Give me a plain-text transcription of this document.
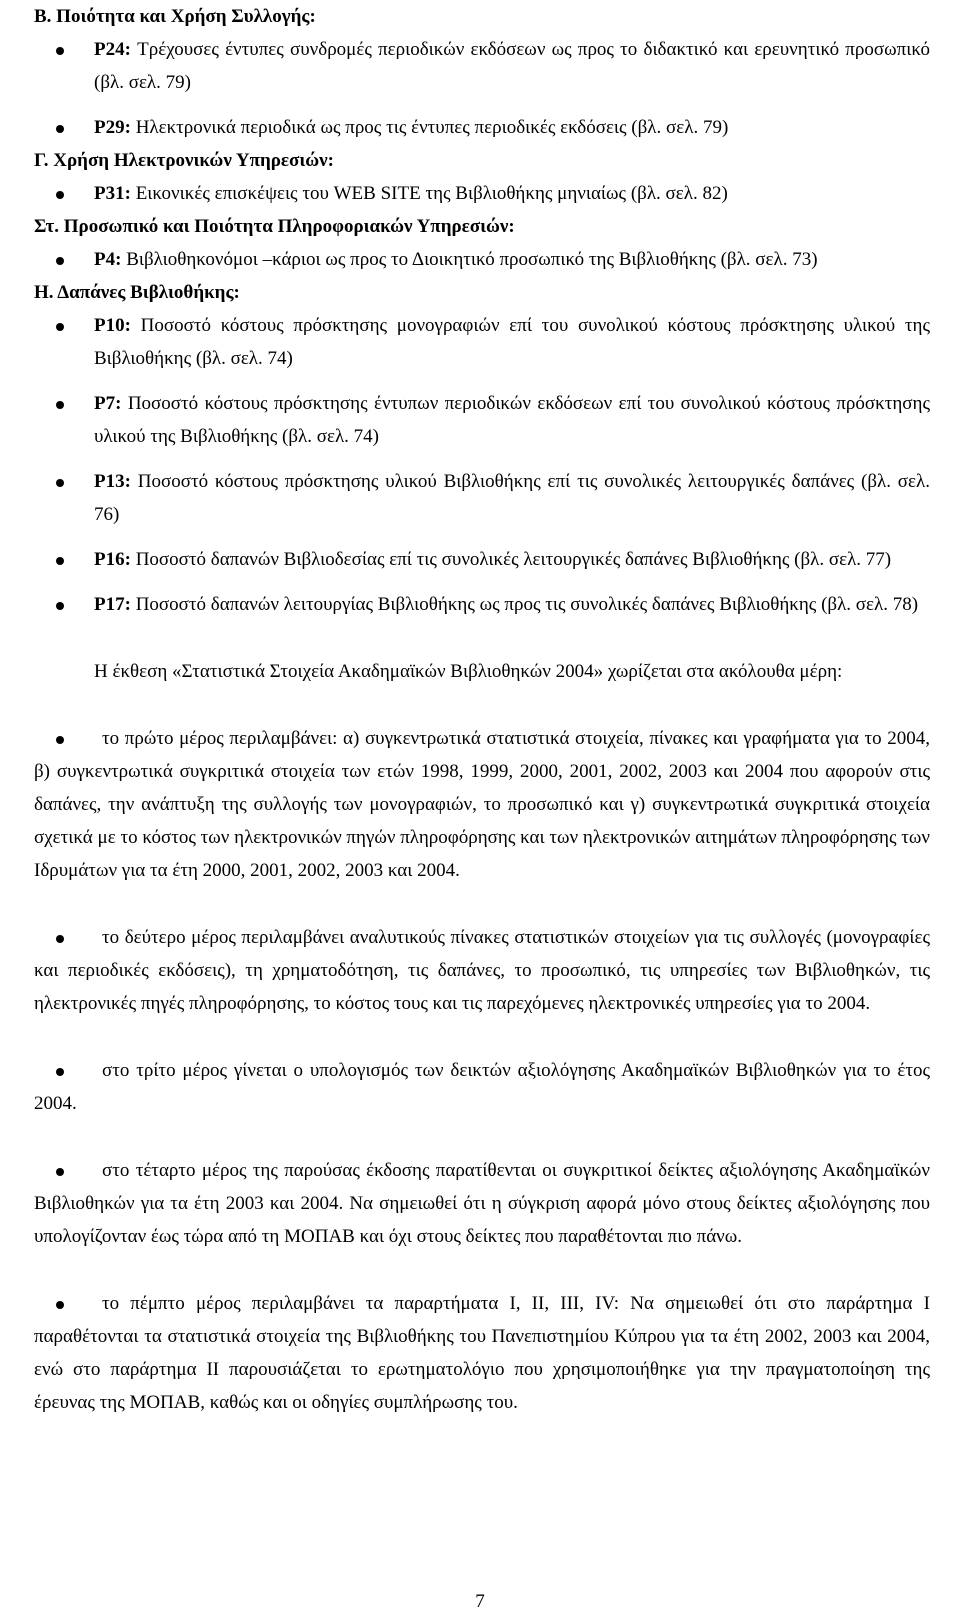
Β. Ποιότητα και Χρήση Συλλογής:

P24: Τρέχουσες έντυπες συνδρομές περιοδικών εκδόσεων ως προς το διδακτικό και ερευνητικό προσωπικό (βλ. σελ. 79)
P29: Ηλεκτρονικά περιοδικά ως προς τις έντυπες περιοδικές εκδόσεις (βλ. σελ. 79)

Γ. Χρήση Ηλεκτρονικών Υπηρεσιών:

P31: Εικονικές επισκέψεις του WEB SITE της Βιβλιοθήκης μηνιαίως (βλ. σελ. 82)

Στ. Προσωπικό και Ποιότητα Πληροφοριακών Υπηρεσιών:

P4: Βιβλιοθηκονόμοι –κάριοι ως προς το Διοικητικό προσωπικό της Βιβλιοθήκης (βλ. σελ. 73)

Η. Δαπάνες Βιβλιοθήκης:

P10: Ποσοστό κόστους πρόσκτησης μονογραφιών επί του συνολικού κόστους πρόσκτησης υλικού της Βιβλιοθήκης (βλ. σελ. 74)
P7: Ποσοστό κόστους πρόσκτησης έντυπων περιοδικών εκδόσεων επί του συνολικού κόστους πρόσκτησης υλικού της Βιβλιοθήκης (βλ. σελ. 74)
P13: Ποσοστό κόστους πρόσκτησης υλικού Βιβλιοθήκης επί τις συνολικές λειτουργικές δαπάνες (βλ. σελ. 76)
P16: Ποσοστό δαπανών Βιβλιοδεσίας επί τις συνολικές λειτουργικές δαπάνες Βιβλιοθήκης (βλ. σελ. 77)
P17: Ποσοστό δαπανών λειτουργίας Βιβλιοθήκης ως προς τις συνολικές δαπάνες Βιβλιοθήκης (βλ. σελ. 78)

Η έκθεση «Στατιστικά Στοιχεία Ακαδημαϊκών Βιβλιοθηκών 2004» χωρίζεται στα ακόλουθα μέρη:

το πρώτο μέρος περιλαμβάνει: α) συγκεντρωτικά στατιστικά στοιχεία, πίνακες και γραφήματα για το 2004, β) συγκεντρωτικά συγκριτικά στοιχεία των ετών 1998, 1999, 2000, 2001, 2002, 2003 και 2004 που αφορούν στις δαπάνες, την ανάπτυξη της συλλογής των μονογραφιών, το προσωπικό και γ) συγκεντρωτικά συγκριτικά στοιχεία σχετικά με το κόστος των ηλεκτρονικών πηγών πληροφόρησης και των ηλεκτρονικών αιτημάτων πληροφόρησης των Ιδρυμάτων για τα έτη 2000, 2001, 2002, 2003 και 2004.

το δεύτερο μέρος περιλαμβάνει αναλυτικούς πίνακες στατιστικών στοιχείων για τις συλλογές (μονογραφίες και περιοδικές εκδόσεις), τη χρηματοδότηση, τις δαπάνες, το προσωπικό, τις υπηρεσίες των Βιβλιοθηκών, τις ηλεκτρονικές πηγές πληροφόρησης, το κόστος τους και τις παρεχόμενες ηλεκτρονικές υπηρεσίες για το 2004.

στο τρίτο μέρος γίνεται ο υπολογισμός των δεικτών αξιολόγησης Ακαδημαϊκών Βιβλιοθηκών για το έτος 2004.

στο τέταρτο μέρος της παρούσας έκδοσης παρατίθενται οι συγκριτικοί δείκτες αξιολόγησης Ακαδημαϊκών Βιβλιοθηκών για τα έτη 2003 και 2004. Να σημειωθεί ότι η σύγκριση αφορά μόνο στους δείκτες αξιολόγησης που υπολογίζονταν έως τώρα από τη ΜΟΠΑΒ και όχι στους δείκτες που παραθέτονται πιο πάνω.

το πέμπτο μέρος περιλαμβάνει τα παραρτήματα Ι, ΙΙ, ΙΙΙ, ΙV: Να σημειωθεί ότι στο παράρτημα Ι παραθέτονται τα στατιστικά στοιχεία της Βιβλιοθήκης του Πανεπιστημίου Κύπρου για τα έτη 2002, 2003 και 2004, ενώ στο παράρτημα ΙΙ παρουσιάζεται το ερωτηματολόγιο που χρησιμοποιήθηκε για την πραγματοποίηση της έρευνας της ΜΟΠΑΒ, καθώς και οι οδηγίες συμπλήρωσης του.

7
